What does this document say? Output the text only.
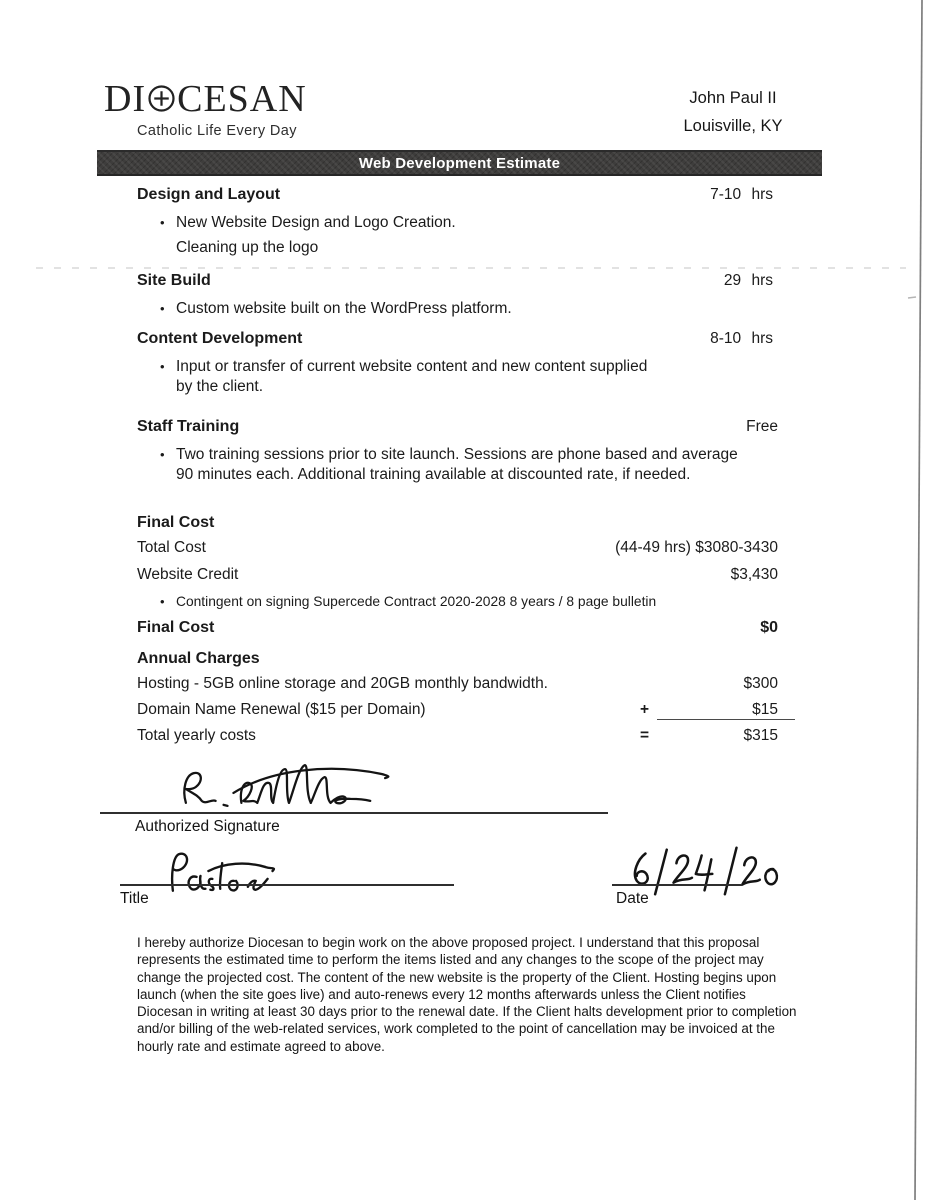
DI CESAN
Catholic Life Every Day
John Paul II
Louisville, KY
Web Development Estimate
Design and Layout	7-10 hrs
• New Website Design and Logo Creation.
Cleaning up the logo
Site Build	29 hrs
• Custom website built on the WordPress platform.
Content Development	8-10 hrs
• Input or transfer of current website content and new content supplied by the client.
Staff Training	Free
• Two training sessions prior to site launch. Sessions are phone based and average 90 minutes each. Additional training available at discounted rate, if needed.
Final Cost
Total Cost	(44-49 hrs) $3080-3430
Website Credit	$3,430
• Contingent on signing Supercede Contract 2020-2028 8 years / 8 page bulletin
Final Cost	$0
Annual Charges
Hosting - 5GB online storage and 20GB monthly bandwidth.	$300
Domain Name Renewal ($15 per Domain)	+	$15
Total yearly costs	=	$315
Authorized Signature
Title	Date
I hereby authorize Diocesan to begin work on the above proposed project. I understand that this proposal represents the estimated time to perform the items listed and any changes to the scope of the project may change the projected cost. The content of the new website is the property of the Client. Hosting begins upon launch (when the site goes live) and auto-renews every 12 months afterwards unless the Client notifies Diocesan in writing at least 30 days prior to the renewal date. If the Client halts development prior to completion and/or billing of the web-related services, work completed to the point of cancellation may be invoiced at the hourly rate and estimate agreed to above.
